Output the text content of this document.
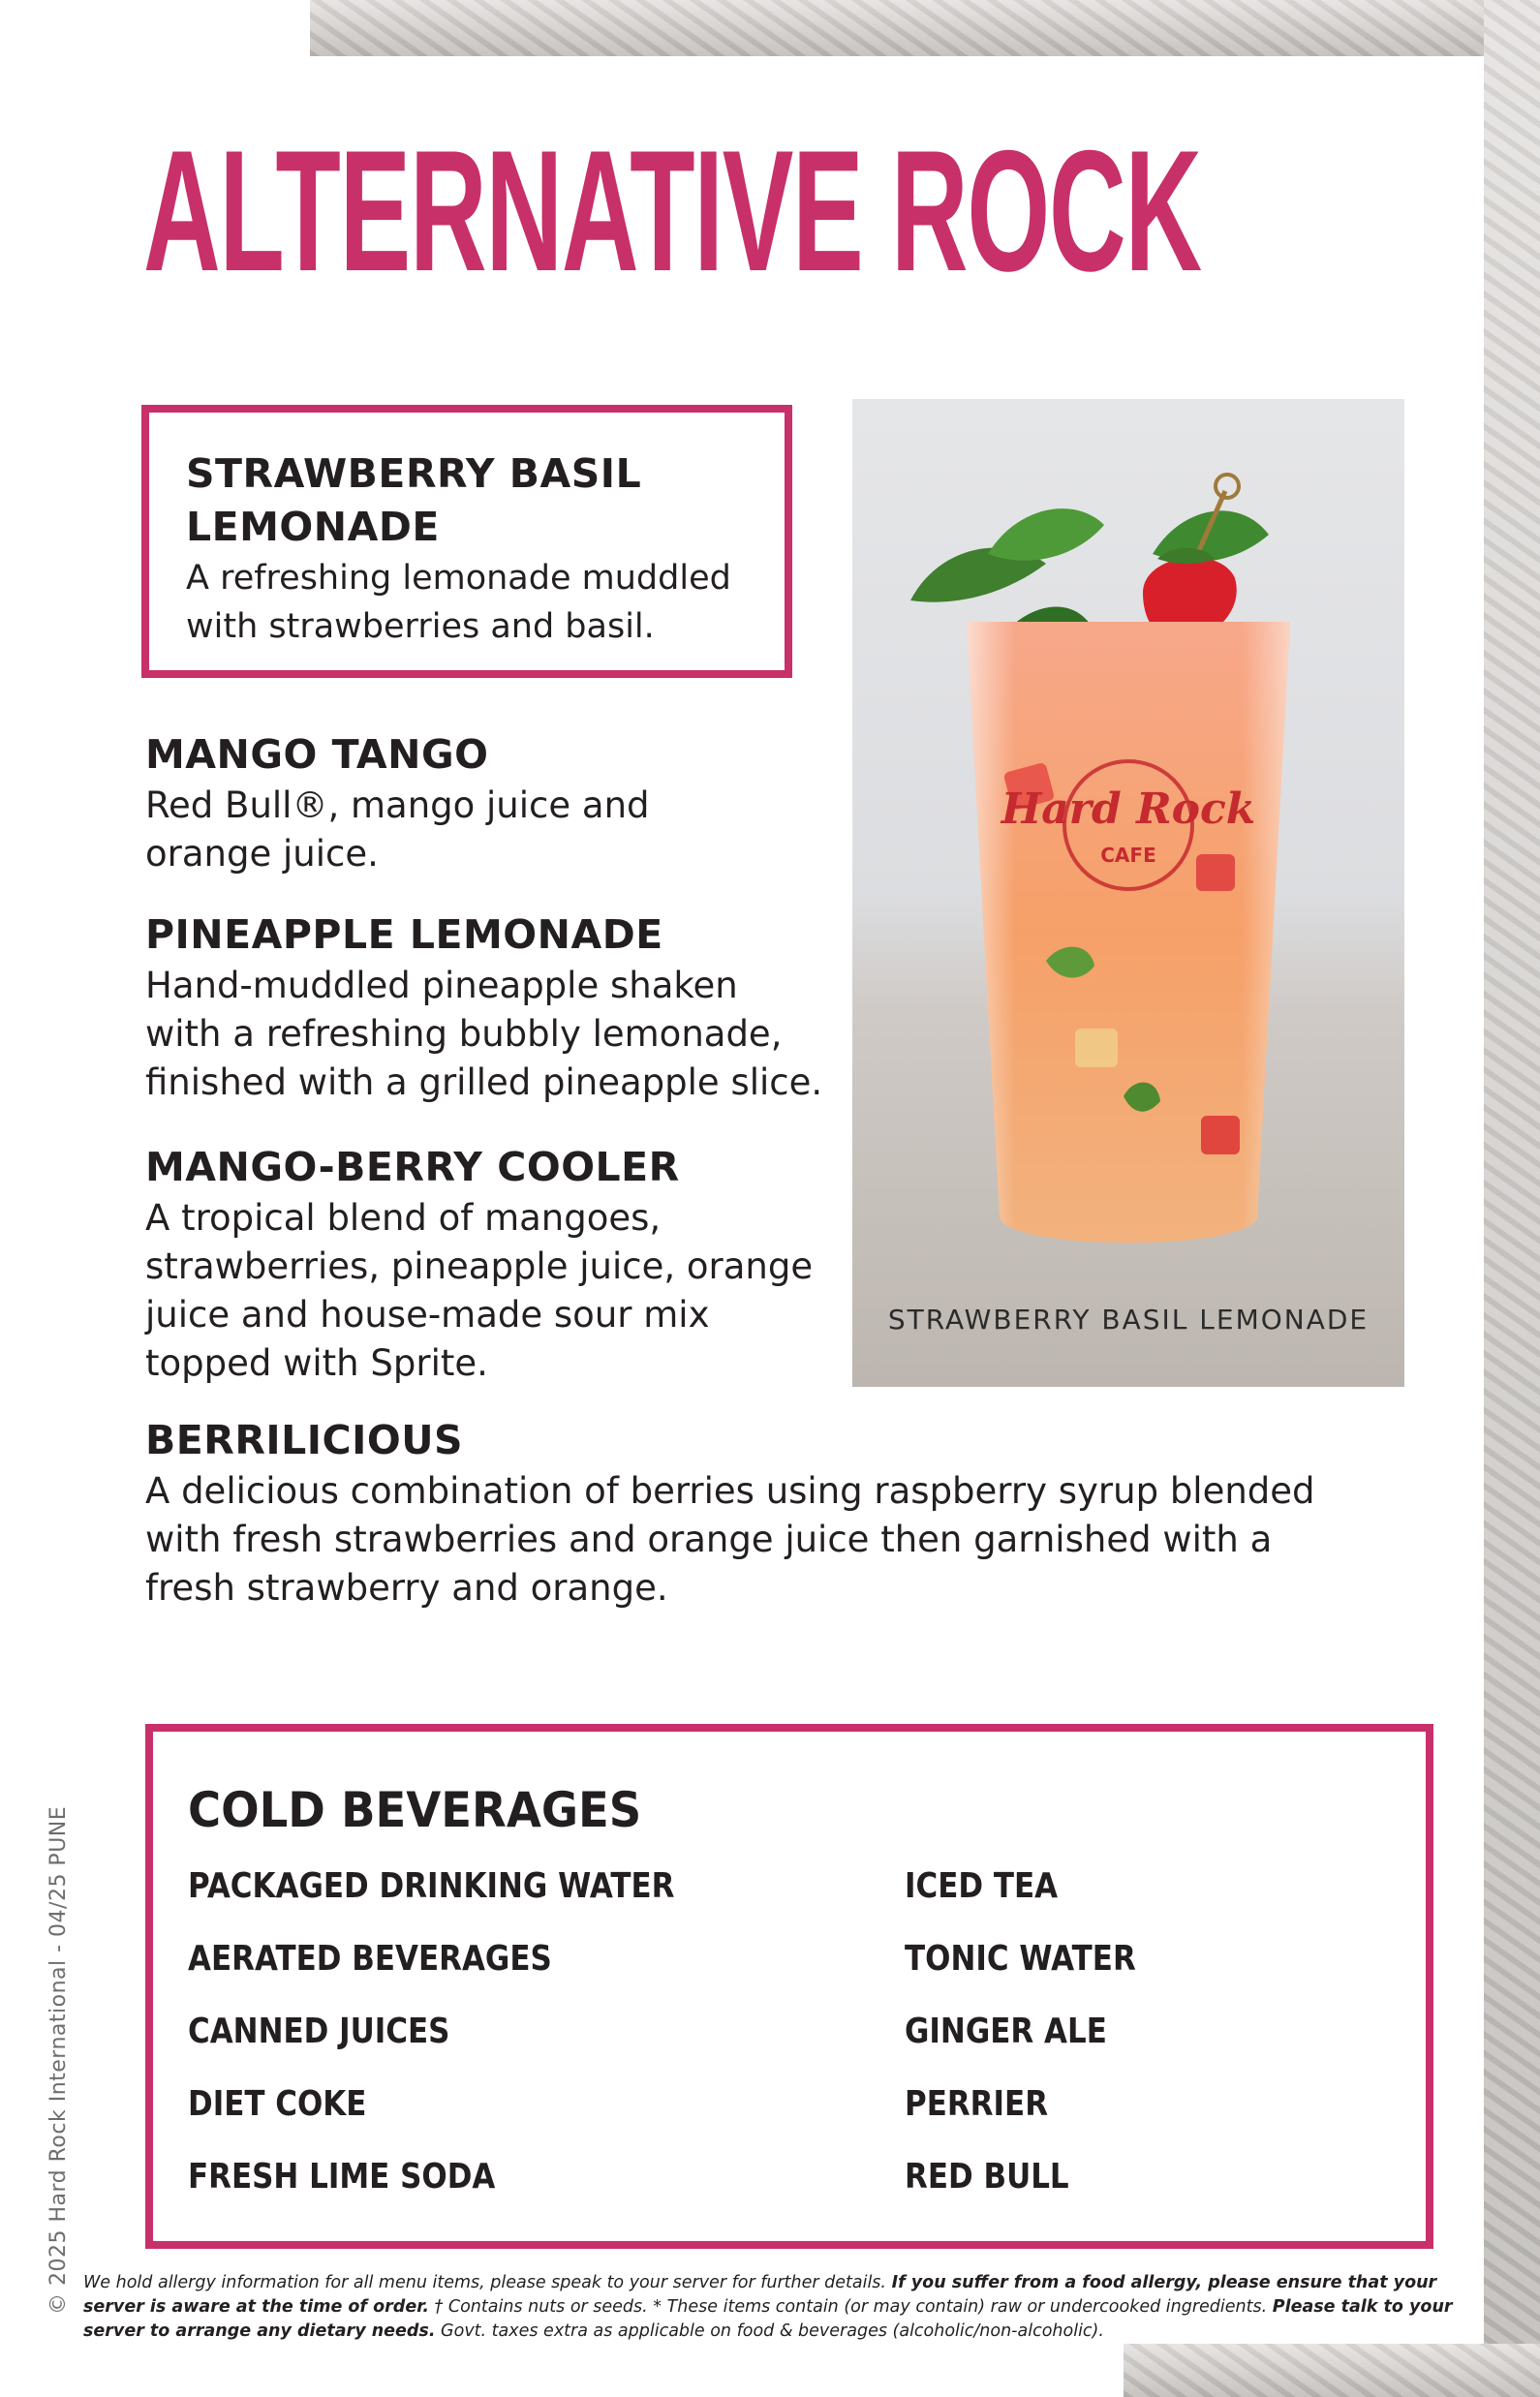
ALTERNATIVE ROCK
STRAWBERRY BASIL LEMONADE
A refreshing lemonade muddled with strawberries and basil.
MANGO TANGO
Red Bull®, mango juice and orange juice.
PINEAPPLE LEMONADE
Hand-muddled pineapple shaken with a refreshing bubbly lemonade, finished with a grilled pineapple slice.
MANGO-BERRY COOLER
A tropical blend of mangoes, strawberries, pineapple juice, orange juice and house-made sour mix topped with Sprite.
BERRILICIOUS
A delicious combination of berries using raspberry syrup blended with fresh strawberries and orange juice then garnished with a fresh strawberry and orange.
Hard Rock
CAFE
STRAWBERRY BASIL LEMONADE
COLD BEVERAGES
PACKAGED DRINKING WATER
AERATED BEVERAGES
CANNED JUICES
DIET COKE
FRESH LIME SODA
ICED TEA
TONIC WATER
GINGER ALE
PERRIER
RED BULL
© 2025 Hard Rock International - 04/25 PUNE We hold allergy information for all menu items, please speak to your server for further details. If you suffer from a food allergy, please ensure that your server is aware at the time of order. † Contains nuts or seeds. * These items contain (or may contain) raw or undercooked ingredients. Please talk to your server to arrange any dietary needs. Govt. taxes extra as applicable on food & beverages (alcoholic/non-alcoholic).
